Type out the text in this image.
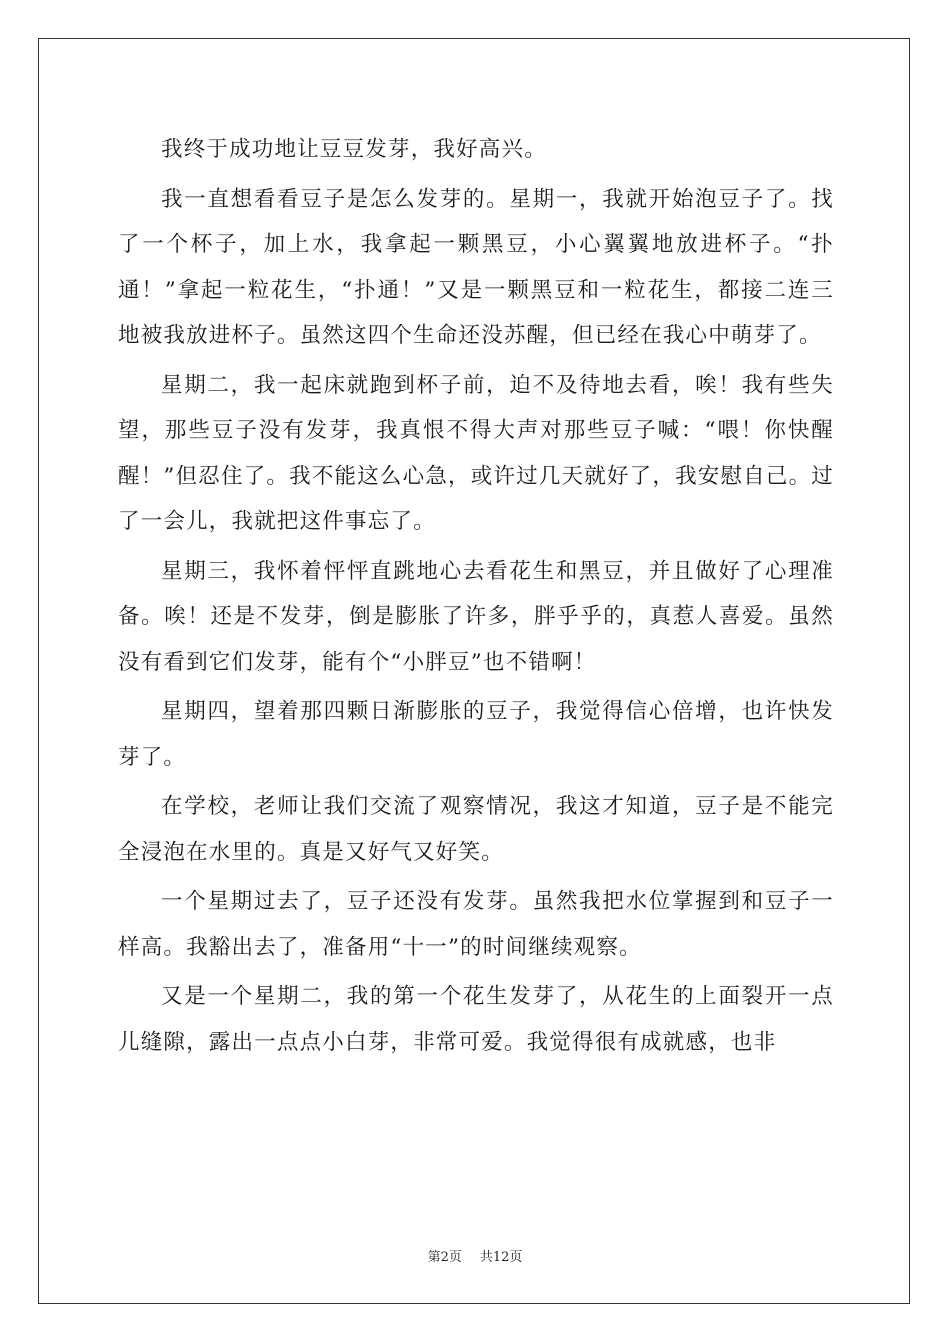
我终于成功地让豆豆发芽，我好高兴。

我一直想看看豆子是怎么发芽的。星期一，我就开始泡豆子了。找了一个杯子，加上水，我拿起一颗黑豆，小心翼翼地放进杯子。“扑通！”拿起一粒花生，“扑通！”又是一颗黑豆和一粒花生，都接二连三地被我放进杯子。虽然这四个生命还没苏醒，但已经在我心中萌芽了。

星期二，我一起床就跑到杯子前，迫不及待地去看，唉！我有些失望，那些豆子没有发芽，我真恨不得大声对那些豆子喊：“喂！你快醒醒！”但忍住了。我不能这么心急，或许过几天就好了，我安慰自己。过了一会儿，我就把这件事忘了。

星期三，我怀着怦怦直跳地心去看花生和黑豆，并且做好了心理准备。唉！还是不发芽，倒是膨胀了许多，胖乎乎的，真惹人喜爱。虽然没有看到它们发芽，能有个“小胖豆”也不错啊！

星期四，望着那四颗日渐膨胀的豆子，我觉得信心倍增，也许快发芽了。

在学校，老师让我们交流了观察情况，我这才知道，豆子是不能完全浸泡在水里的。真是又好气又好笑。

一个星期过去了，豆子还没有发芽。虽然我把水位掌握到和豆子一样高。我豁出去了，准备用“十一”的时间继续观察。

又是一个星期二，我的第一个花生发芽了，从花生的上面裂开一点儿缝隙，露出一点点小白芽，非常可爱。我觉得很有成就感，也非

第2页 共12页
